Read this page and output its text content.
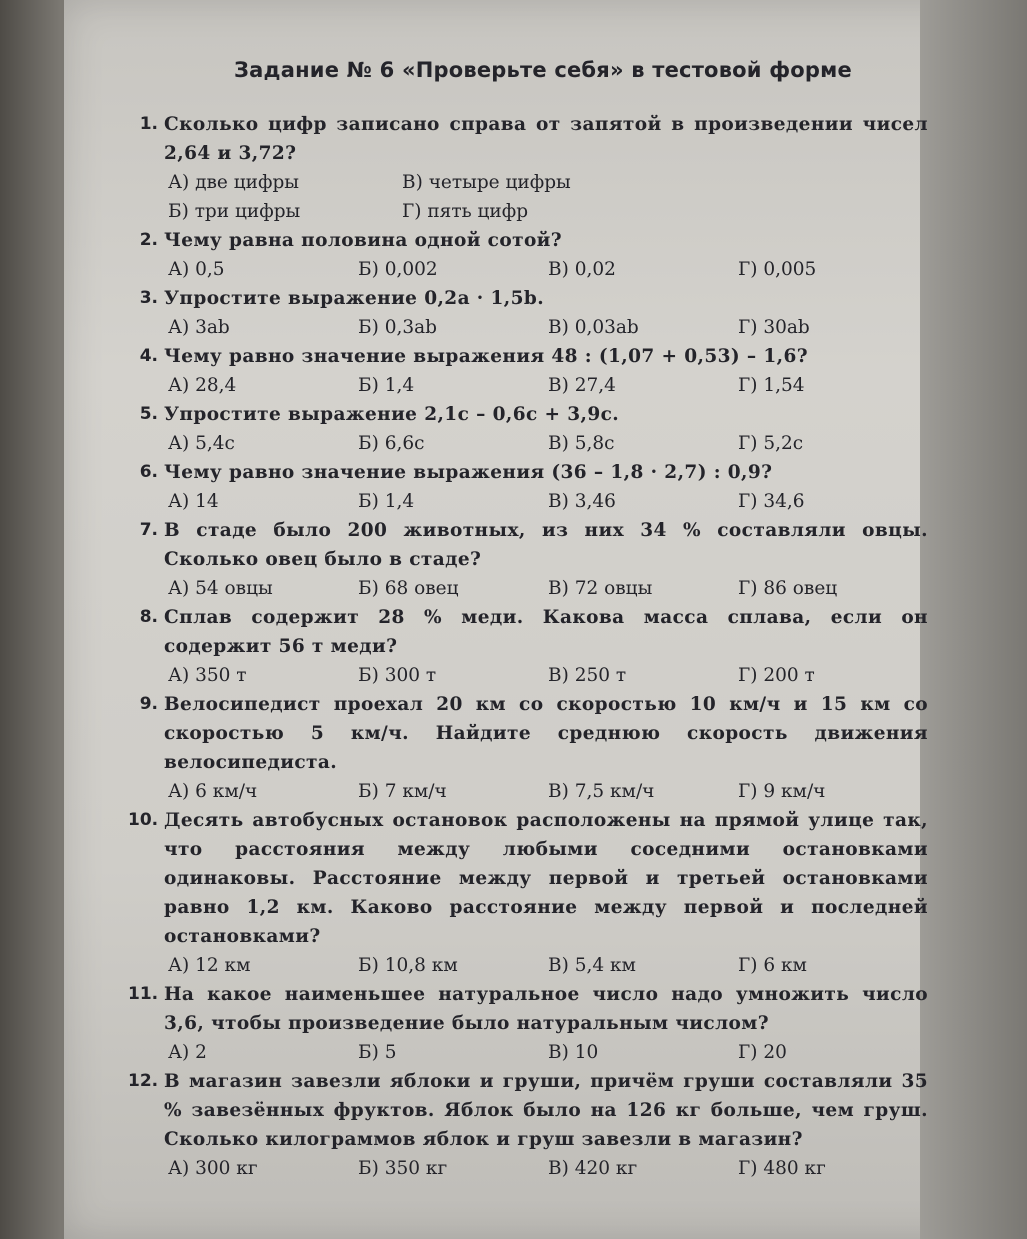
Задание № 6 «Проверьте себя» в тестовой форме
1. Сколько цифр записано справа от запятой в произведении чисел 2,64 и 3,72?
А) две цифры	В) четыре цифры
Б) три цифры	Г) пять цифр
2. Чему равна половина одной сотой?
А) 0,5	Б) 0,002	В) 0,02	Г) 0,005
3. Упростите выражение 0,2a · 1,5b.
А) 3ab	Б) 0,3ab	В) 0,03ab	Г) 30ab
4. Чему равно значение выражения 48 : (1,07 + 0,53) – 1,6?
А) 28,4	Б) 1,4	В) 27,4	Г) 1,54
5. Упростите выражение 2,1c – 0,6c + 3,9c.
А) 5,4c	Б) 6,6c	В) 5,8c	Г) 5,2c
6. Чему равно значение выражения (36 – 1,8 · 2,7) : 0,9?
А) 14	Б) 1,4	В) 3,46	Г) 34,6
7. В стаде было 200 животных, из них 34 % составляли овцы. Сколько овец было в стаде?
А) 54 овцы	Б) 68 овец	В) 72 овцы	Г) 86 овец
8. Сплав содержит 28 % меди. Какова масса сплава, если он содержит 56 т меди?
А) 350 т	Б) 300 т	В) 250 т	Г) 200 т
9. Велосипедист проехал 20 км со скоростью 10 км/ч и 15 км со скоростью 5 км/ч. Найдите среднюю скорость движения велосипедиста.
А) 6 км/ч	Б) 7 км/ч	В) 7,5 км/ч	Г) 9 км/ч
10. Десять автобусных остановок расположены на прямой улице так, что расстояния между любыми соседними остановками одинаковы. Расстояние между первой и третьей остановками равно 1,2 км. Каково расстояние между первой и последней остановками?
А) 12 км	Б) 10,8 км	В) 5,4 км	Г) 6 км
11. На какое наименьшее натуральное число надо умножить число 3,6, чтобы произведение было натуральным числом?
А) 2	Б) 5	В) 10	Г) 20
12. В магазин завезли яблоки и груши, причём груши составляли 35 % завезённых фруктов. Яблок было на 126 кг больше, чем груш. Сколько килограммов яблок и груш завезли в магазин?
А) 300 кг	Б) 350 кг	В) 420 кг	Г) 480 кг
